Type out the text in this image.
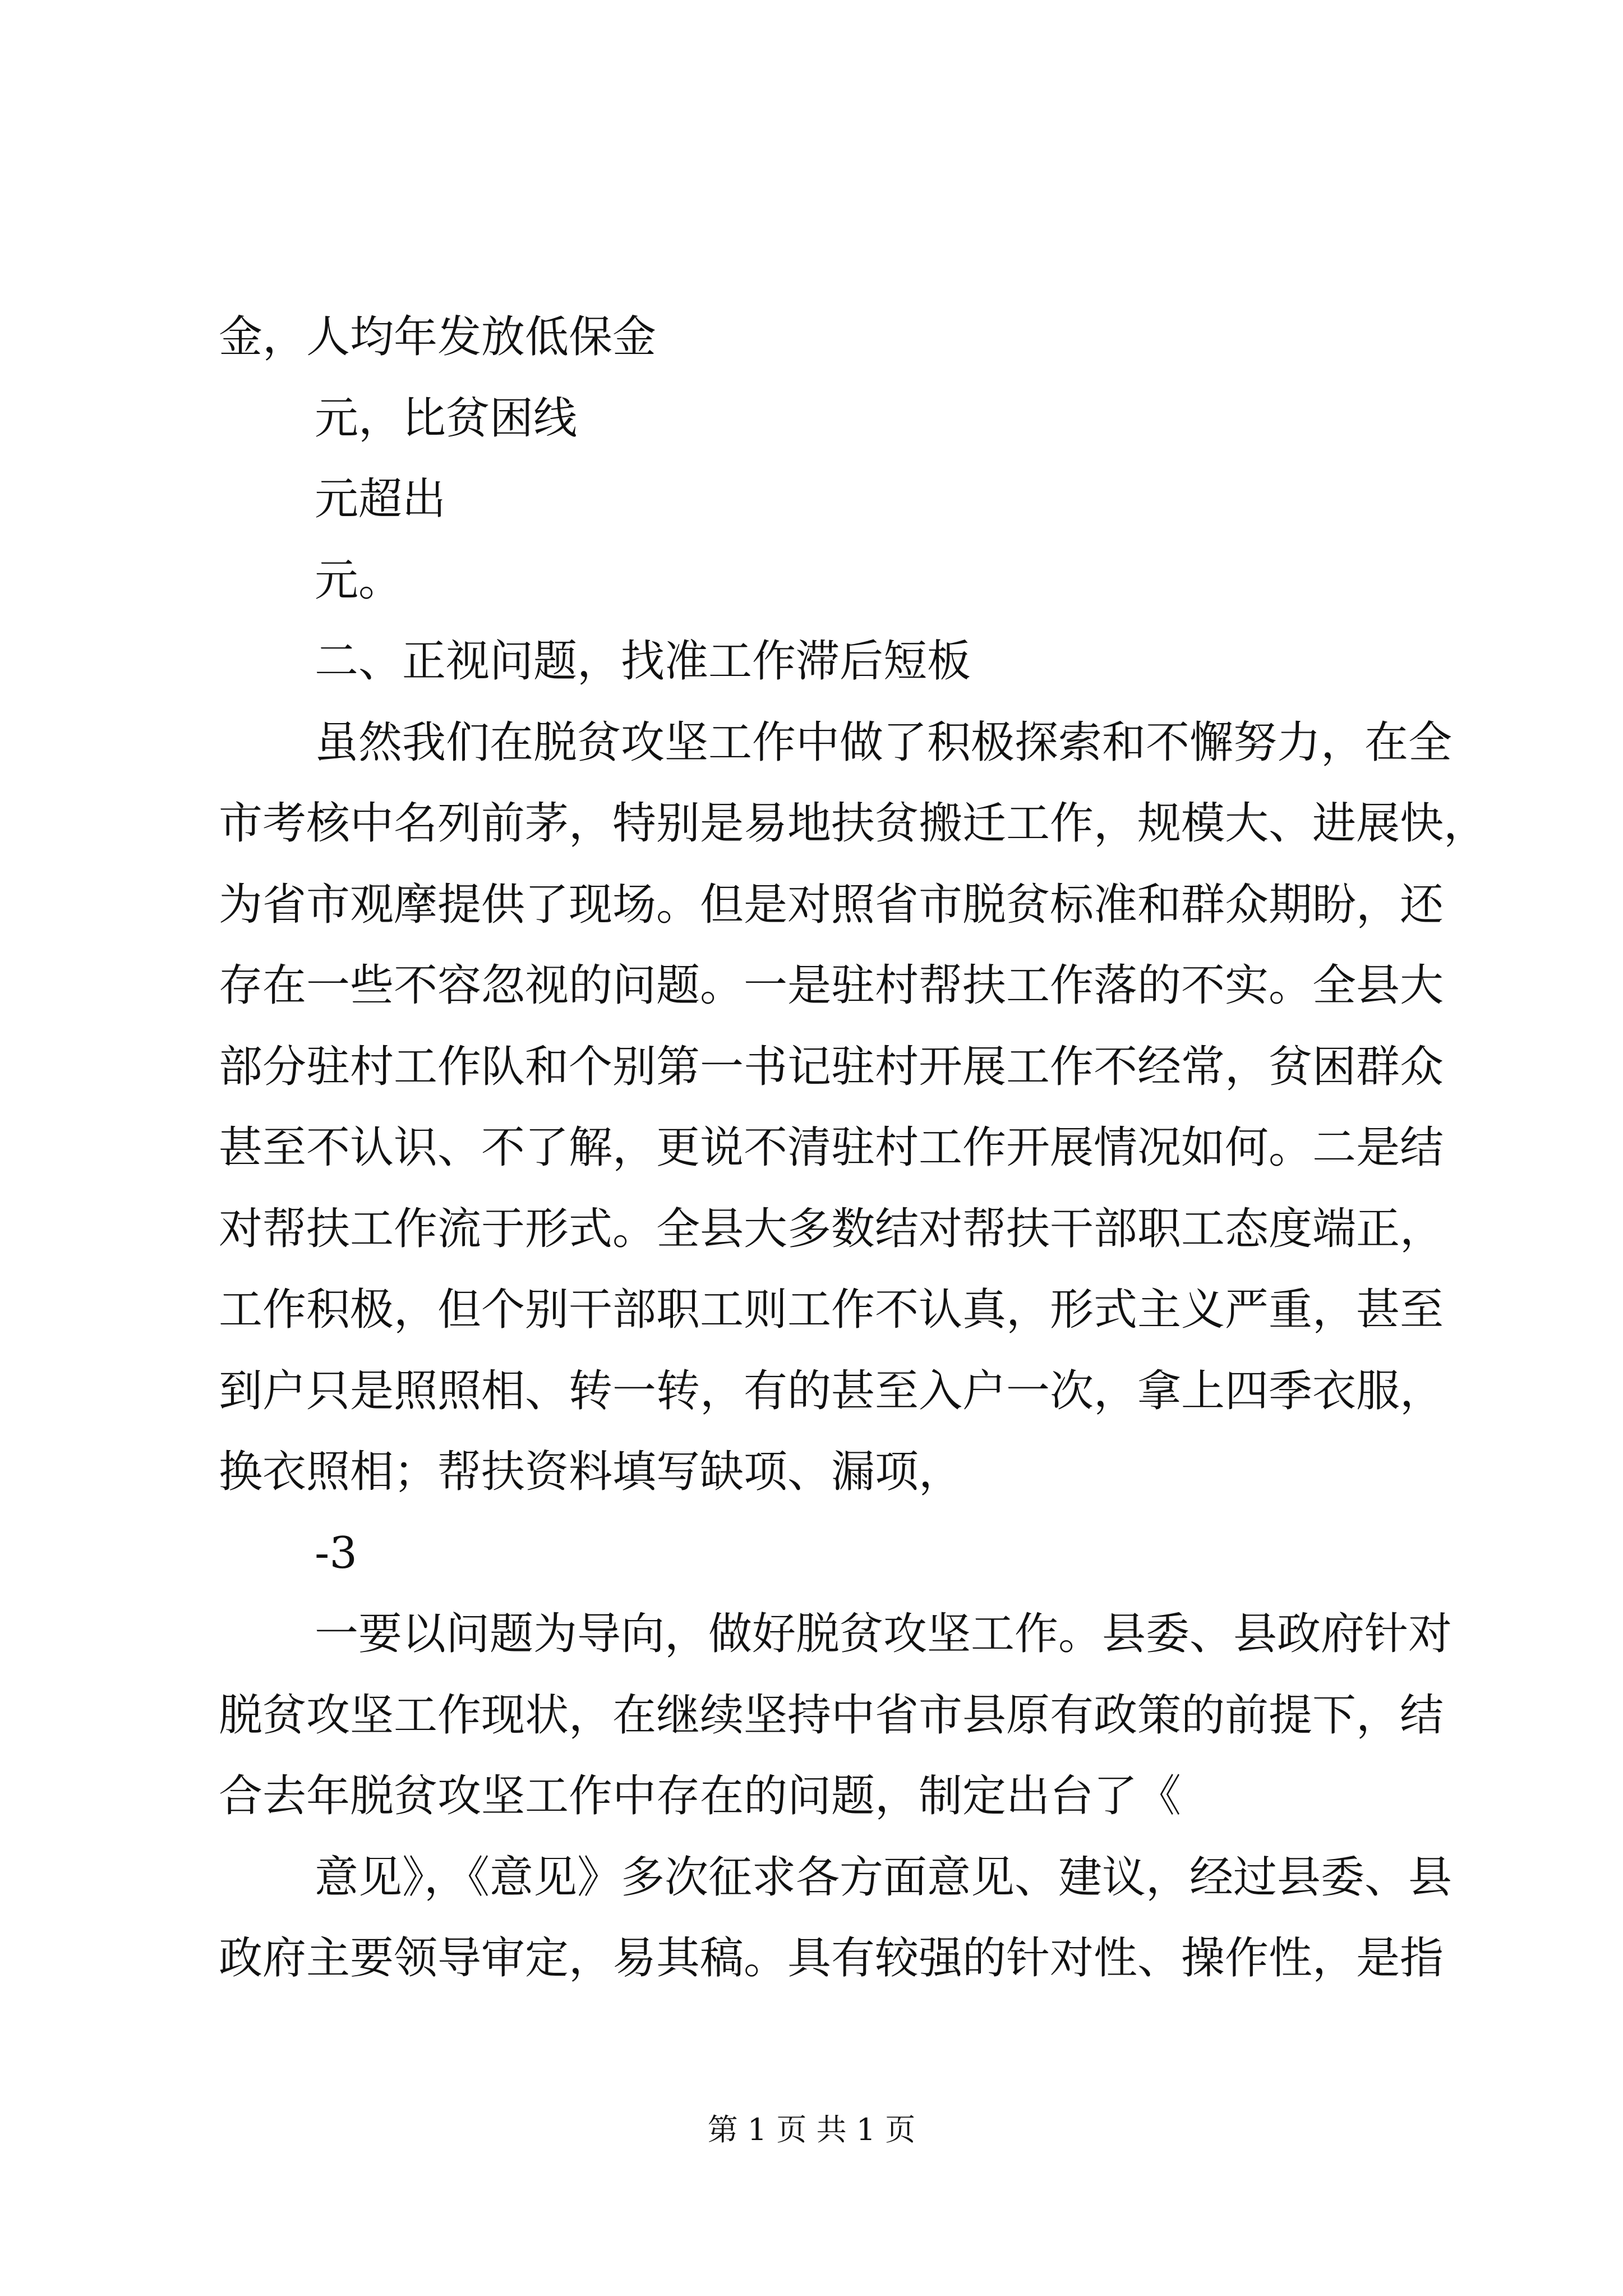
金，人均年发放低保金
元，比贫困线
元超出
元。
二、正视问题，找准工作滞后短板
虽然我们在脱贫攻坚工作中做了积极探索和不懈努力，在全
市考核中名列前茅，特别是易地扶贫搬迁工作，规模大、进展快，
为省市观摩提供了现场。但是对照省市脱贫标准和群众期盼，还
存在一些不容忽视的问题。一是驻村帮扶工作落的不实。全县大
部分驻村工作队和个别第一书记驻村开展工作不经常，贫困群众
甚至不认识、不了解，更说不清驻村工作开展情况如何。二是结
对帮扶工作流于形式。全县大多数结对帮扶干部职工态度端正，
工作积极，但个别干部职工则工作不认真，形式主义严重，甚至
到户只是照照相、转一转，有的甚至入户一次，拿上四季衣服，
换衣照相；帮扶资料填写缺项、漏项，
-3
一要以问题为导向，做好脱贫攻坚工作。县委、县政府针对
脱贫攻坚工作现状，在继续坚持中省市县原有政策的前提下，结
合去年脱贫攻坚工作中存在的问题，制定出台了《
意见》，《意见》多次征求各方面意见、建议，经过县委、县
政府主要领导审定，易其稿。具有较强的针对性、操作性，是指
第 1 页 共 1 页
